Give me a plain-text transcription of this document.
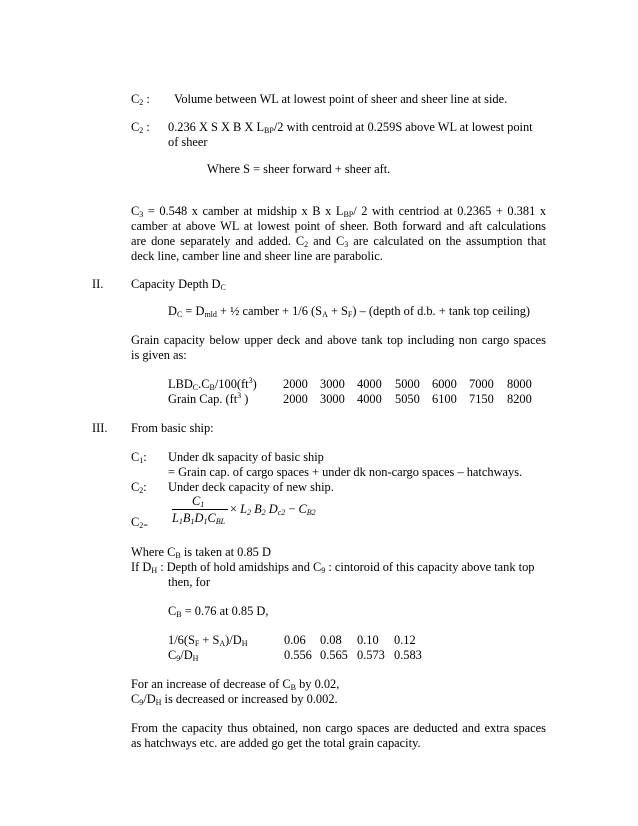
$C_2$ : Volume between WL at lowest point of sheer and sheer line at side.
$C_2$ : 0.236 X S X B X $L_{BP}/2$ with centroid at 0.259S above WL at lowest point
of sheer
Where S = sheer forward + sheer aft.
$C_3 = 0.548$ x camber at midship x B x $L_{BP}/$ 2 with centriod at 0.2365 + 0.381 x
camber at above WL at lowest point of sheer. Both forward and aft calculations
are done separately and added. $C_2$ and $C_3$ are calculated on the assumption that
deck line, camber line and sheer line are parabolic.
II. Capacity Depth $D_C$
$D_C = D_{mld}$ + ½ camber + 1/6 $(S_A + S_F)$ – (depth of d.b. + tank top ceiling)
Grain capacity below upper deck and above tank top including non cargo spaces
is given as:
$LBD_C.C_B/100(ft^3)$
Grain Cap. ($ft^3$ )
2000 3000 4000 5000 6000 7000 8000
2000 3000 4000 5050 6100 7150 8200
III. From basic ship:
$C_1$: Under dk sapacity of basic ship
= Grain cap. of cargo spaces + under dk non-cargo spaces – hatchways.
$C_2$: Under deck capacity of new ship.
$C_1$
$L_1B_1D_1C_{BL}$
× $L_2$ $B_2$ $D_{c2} - C_{B2}$
$C_{2=}$
Where $C_B$ is taken at 0.85 D
If $D_H$ : Depth of hold amidships and $C_9$ : cintoroid of this capacity above tank top
then, for
$C_B = 0.76$ at 0.85 D,
$1/6(S_F + S_A)/D_H$
$C_9/D_H$
0.06 0.08 0.10 0.12
0.556 0.565 0.573 0.583
For an increase of decrease of $C_B$ by 0.02,
$C_9/D_H$ is decreased or increased by 0.002.
From the capacity thus obtained, non cargo spaces are deducted and extra spaces
as hatchways etc. are added go get the total grain capacity.
